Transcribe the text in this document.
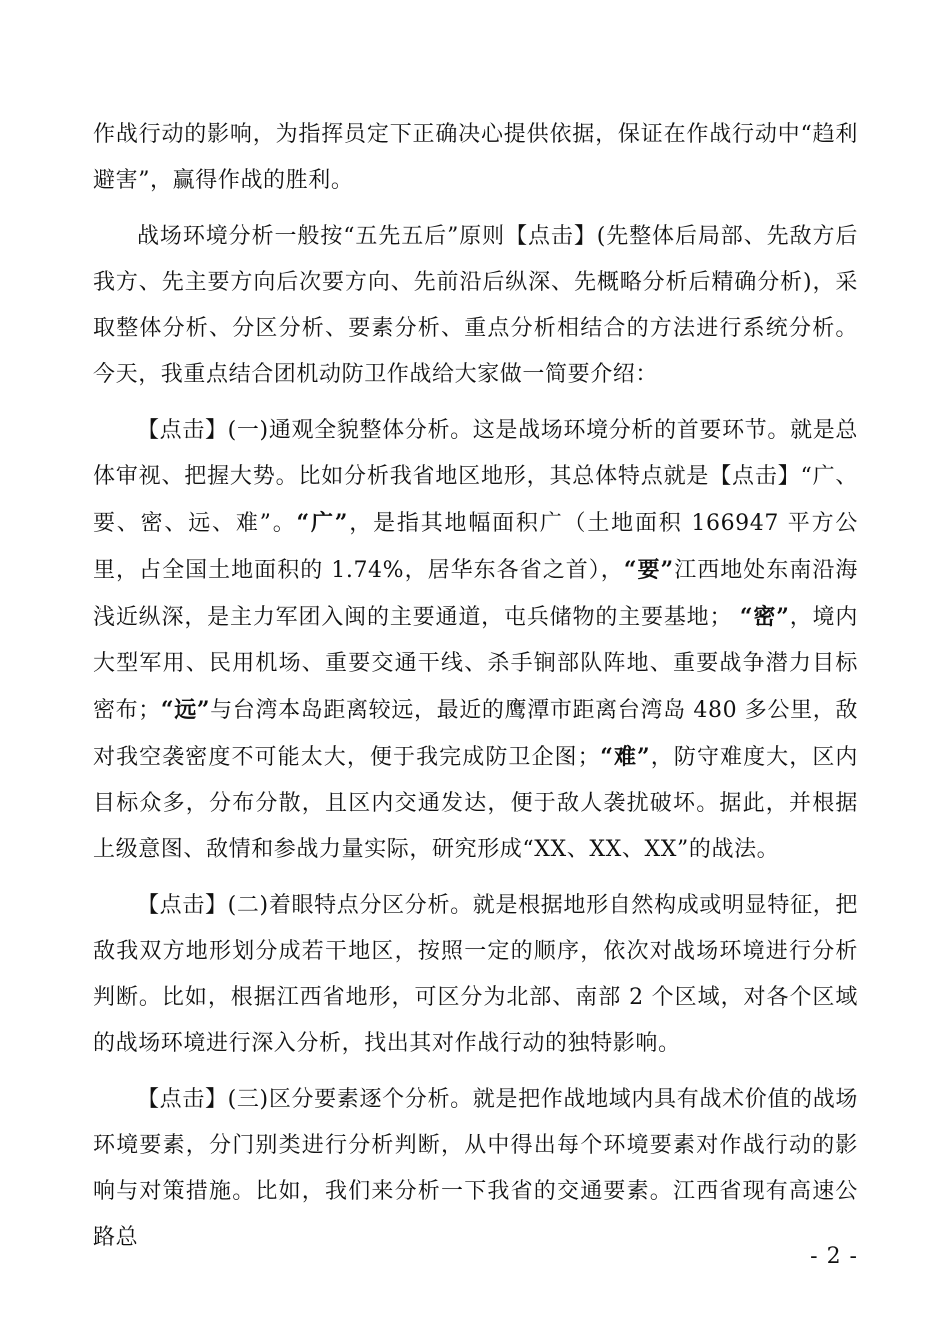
作战行动的影响，为指挥员定下正确决心提供依据，保证在作战行动中“趋利避害”，赢得作战的胜利。

战场环境分析一般按“五先五后”原则【点击】(先整体后局部、先敌方后我方、先主要方向后次要方向、先前沿后纵深、先概略分析后精确分析)，采取整体分析、分区分析、要素分析、重点分析相结合的方法进行系统分析。今天，我重点结合团机动防卫作战给大家做一简要介绍：

【点击】(一)通观全貌整体分析。这是战场环境分析的首要环节。就是总体审视、把握大势。比如分析我省地区地形，其总体特点就是【点击】“广、要、密、远、难”。“广”，是指其地幅面积广（土地面积 166947 平方公里，占全国土地面积的 1.74%，居华东各省之首），“要”江西地处东南沿海浅近纵深，是主力军团入闽的主要通道，屯兵储物的主要基地； “密”，境内大型军用、民用机场、重要交通干线、杀手锏部队阵地、重要战争潜力目标密布；“远”与台湾本岛距离较远，最近的鹰潭市距离台湾岛 480 多公里，敌对我空袭密度不可能太大，便于我完成防卫企图；“难”，防守难度大，区内目标众多，分布分散，且区内交通发达，便于敌人袭扰破坏。据此，并根据上级意图、敌情和参战力量实际，研究形成“XX、XX、XX”的战法。

【点击】(二)着眼特点分区分析。就是根据地形自然构成或明显特征，把敌我双方地形划分成若干地区，按照一定的顺序，依次对战场环境进行分析判断。比如，根据江西省地形，可区分为北部、南部 2 个区域，对各个区域的战场环境进行深入分析，找出其对作战行动的独特影响。

【点击】(三)区分要素逐个分析。就是把作战地域内具有战术价值的战场环境要素，分门别类进行分析判断，从中得出每个环境要素对作战行动的影响与对策措施。比如，我们来分析一下我省的交通要素。江西省现有高速公路总

- 2 -
